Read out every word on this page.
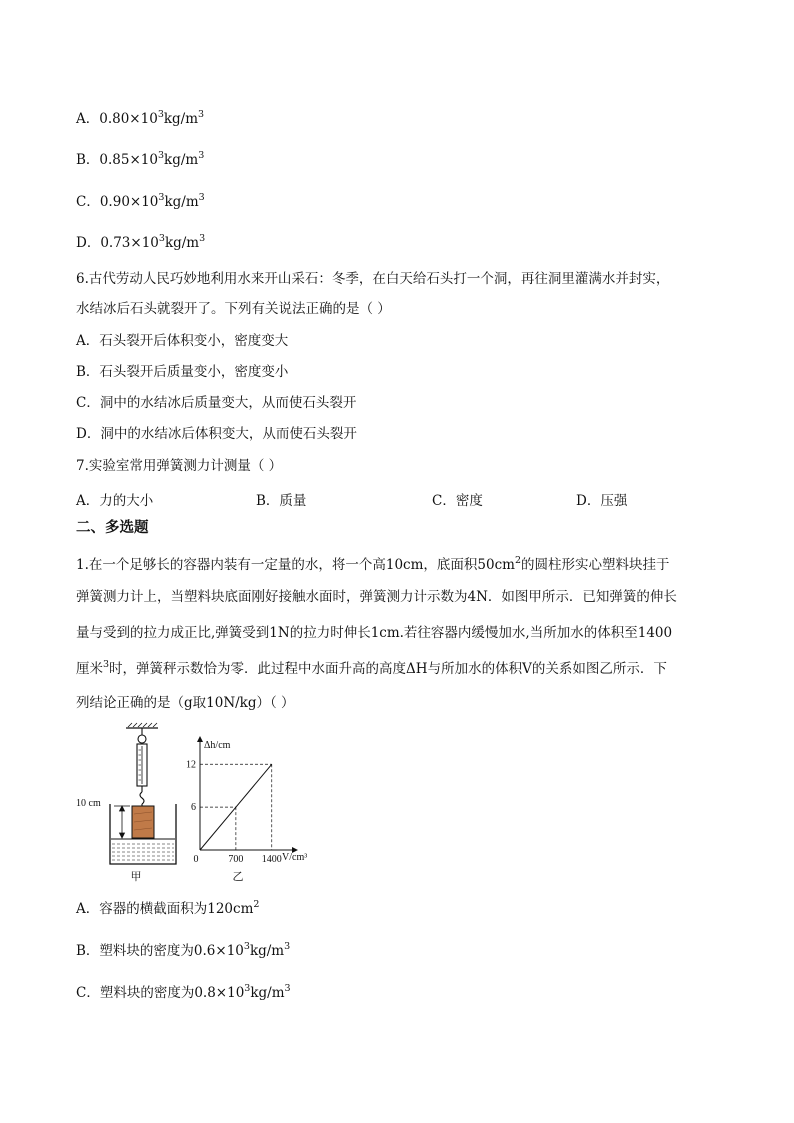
A．$0.80\times 10^3kg/m^3$
B．$0.85\times 10^3kg/m^3$
C．$0.90\times 10^3kg/m^3$
D．$0.73\times 10^3kg/m^3$
6.古代劳动人民巧妙地利用水来开山采石：冬季，在白天给石头打一个洞，再往洞里灌满水并封实，
水结冰后石头就裂开了。下列有关说法正确的是（ ）
A．石头裂开后体积变小，密度变大
B．石头裂开后质量变小，密度变小
C．洞中的水结冰后质量变大，从而使石头裂开
D．洞中的水结冰后体积变大，从而使石头裂开
7.实验室常用弹簧测力计测量（ ）
A．力的大小	B．质量	C．密度	D．压强
二、多选题
1.在一个足够长的容器内装有一定量的水，将一个高10cm，底面积$50cm^2$的圆柱形实心塑料块挂于
弹簧测力计上，当塑料块底面刚好接触水面时，弹簧测力计示数为4N．如图甲所示．已知弹簧的伸长
量与受到的拉力成正比,弹簧受到1N的拉力时伸长1cm.若往容器内缓慢加水,当所加水的体积至1400
厘米$^3$时，弹簧秤示数恰为零．此过程中水面升高的高度ΔH与所加水的体积V的关系如图乙所示．下
列结论正确的是（g取10N/kg）（ ）
10 cm
甲
Δh/cm
V/cm³
乙
0	700 1400
6
12
A．容器的横截面积为$120cm^2$
B．塑料块的密度为$0.6\times 10^3kg/m^3$
C．塑料块的密度为$0.8\times 10^3kg/m^3$
